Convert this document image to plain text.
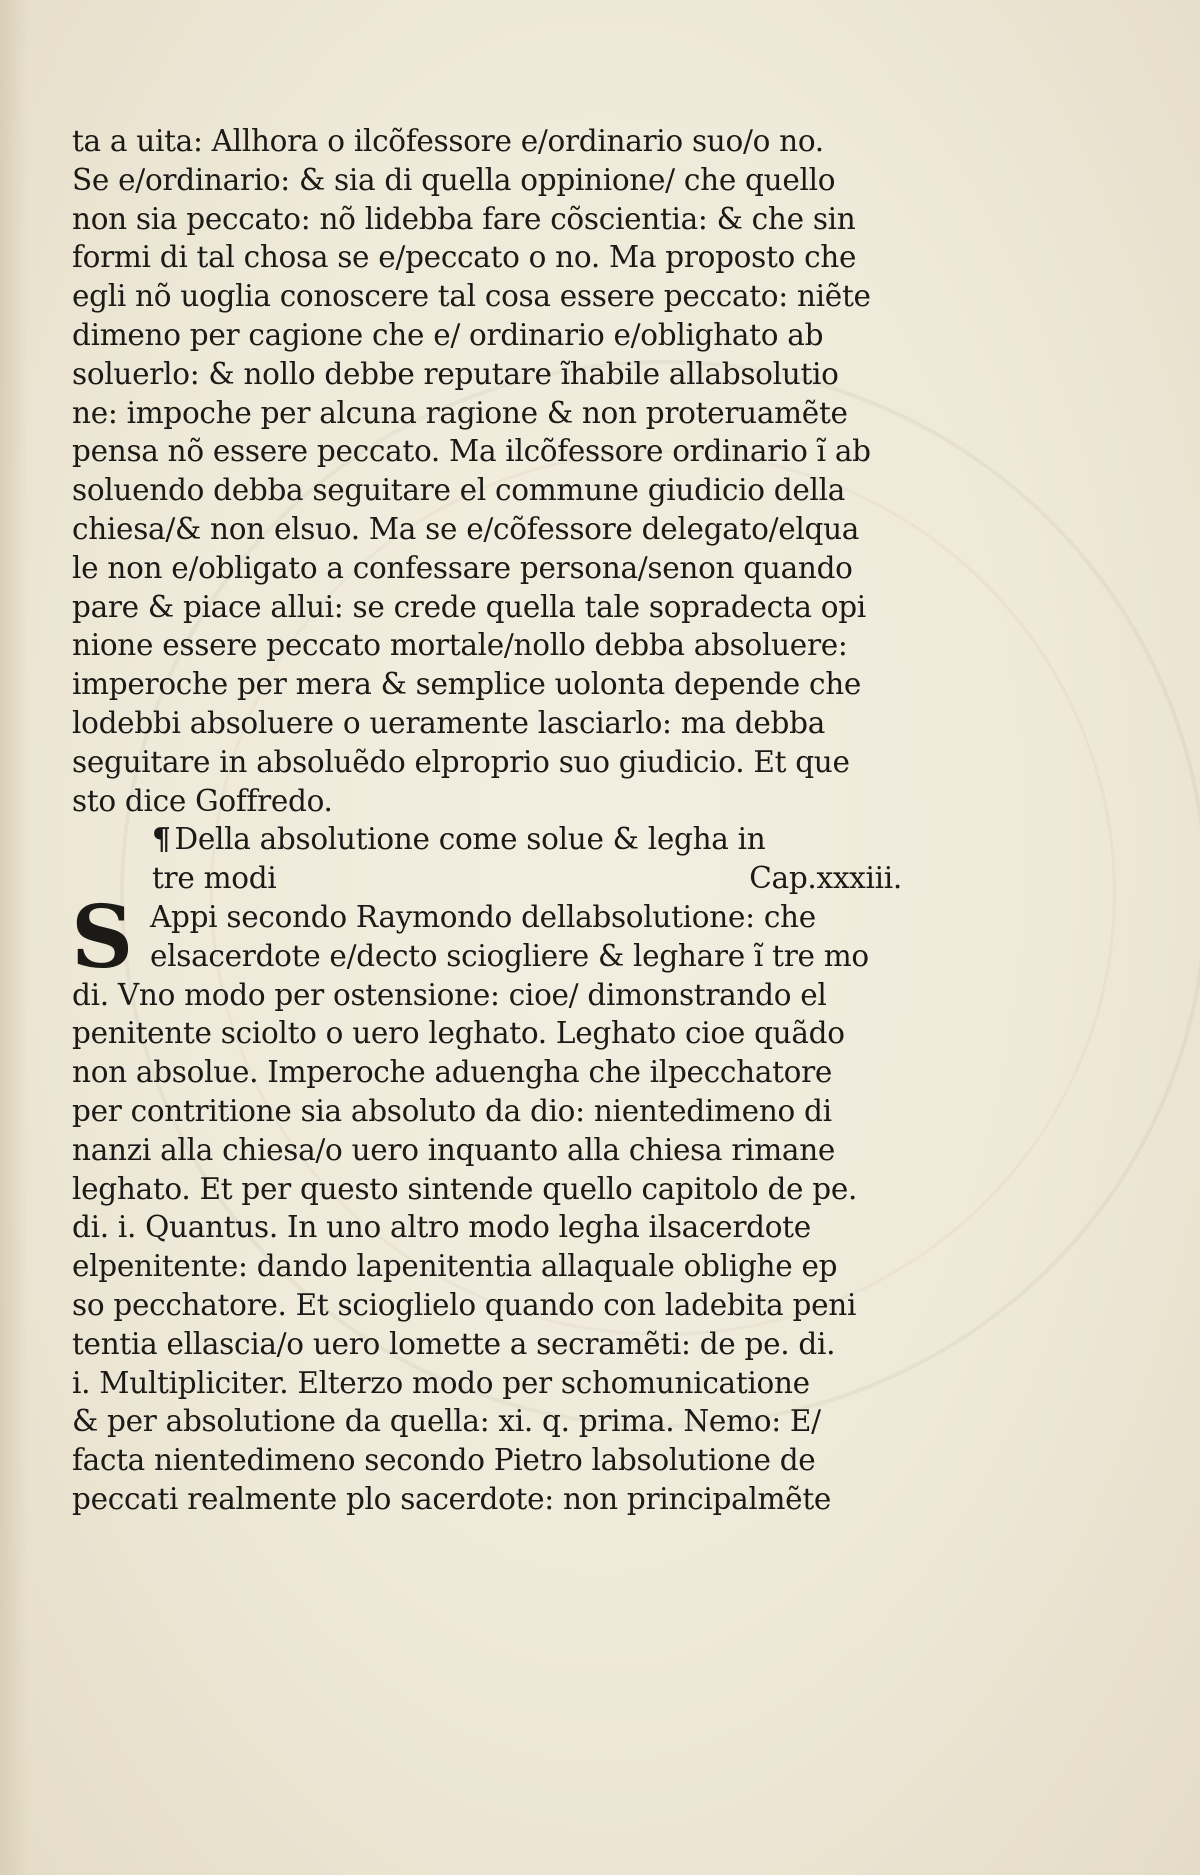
ta a uita: Allhora o ilcõfessore e/ordinario suo/o no.
Se e/ordinario: & sia di quella oppinione/ che quello
non sia peccato: nõ lidebba fare cõscientia: & che sin
formi di tal chosa se e/peccato o no. Ma proposto che
egli nõ uoglia conoscere tal cosa essere peccato: niẽte
dimeno per cagione che e/ ordinario e/oblighato ab
soluerlo: & nollo debbe reputare ĩhabile allabsolutio
ne: impoche per alcuna ragione & non proteruamẽte
pensa nõ essere peccato. Ma ilcõfessore ordinario ĩ ab
soluendo debba seguitare el commune giudicio della
chiesa/& non elsuo. Ma se e/cõfessore delegato/elqua
le non e/obligato a confessare persona/senon quando
pare & piace allui: se crede quella tale sopradecta opi
nione essere peccato mortale/nollo debba absoluere:
imperoche per mera & semplice uolonta depende che
lodebbi absoluere o ueramente lasciarlo: ma debba
seguitare in absoluẽdo elproprio suo giudicio. Et que
sto dice Goffredo.
¶ Della absolutione come solue & legha in
tre modi	Cap.xxxiii.
S Appi secondo Raymondo dellabsolutione: che
elsacerdote e/decto sciogliere & leghare ĩ tre mo
di. Vno modo per ostensione: cioe/ dimonstrando el
penitente sciolto o uero leghato. Leghato cioe quãdo
non absolue. Imperoche aduengha che ilpecchatore
per contritione sia absoluto da dio: nientedimeno di
nanzi alla chiesa/o uero inquanto alla chiesa rimane
leghato. Et per questo sintende quello capitolo de pe.
di. i. Quantus. In uno altro modo legha ilsacerdote
elpenitente: dando lapenitentia allaquale oblighe ep
so pecchatore. Et scioglielo quando con ladebita peni
tentia ellascia/o uero lomette a secramẽti: de pe. di.
i. Multipliciter. Elterzo modo per schomunicatione
& per absolutione da quella: xi. q. prima. Nemo: E/
facta nientedimeno secondo Pietro labsolutione de
peccati realmente plo sacerdote: non principalmẽte
